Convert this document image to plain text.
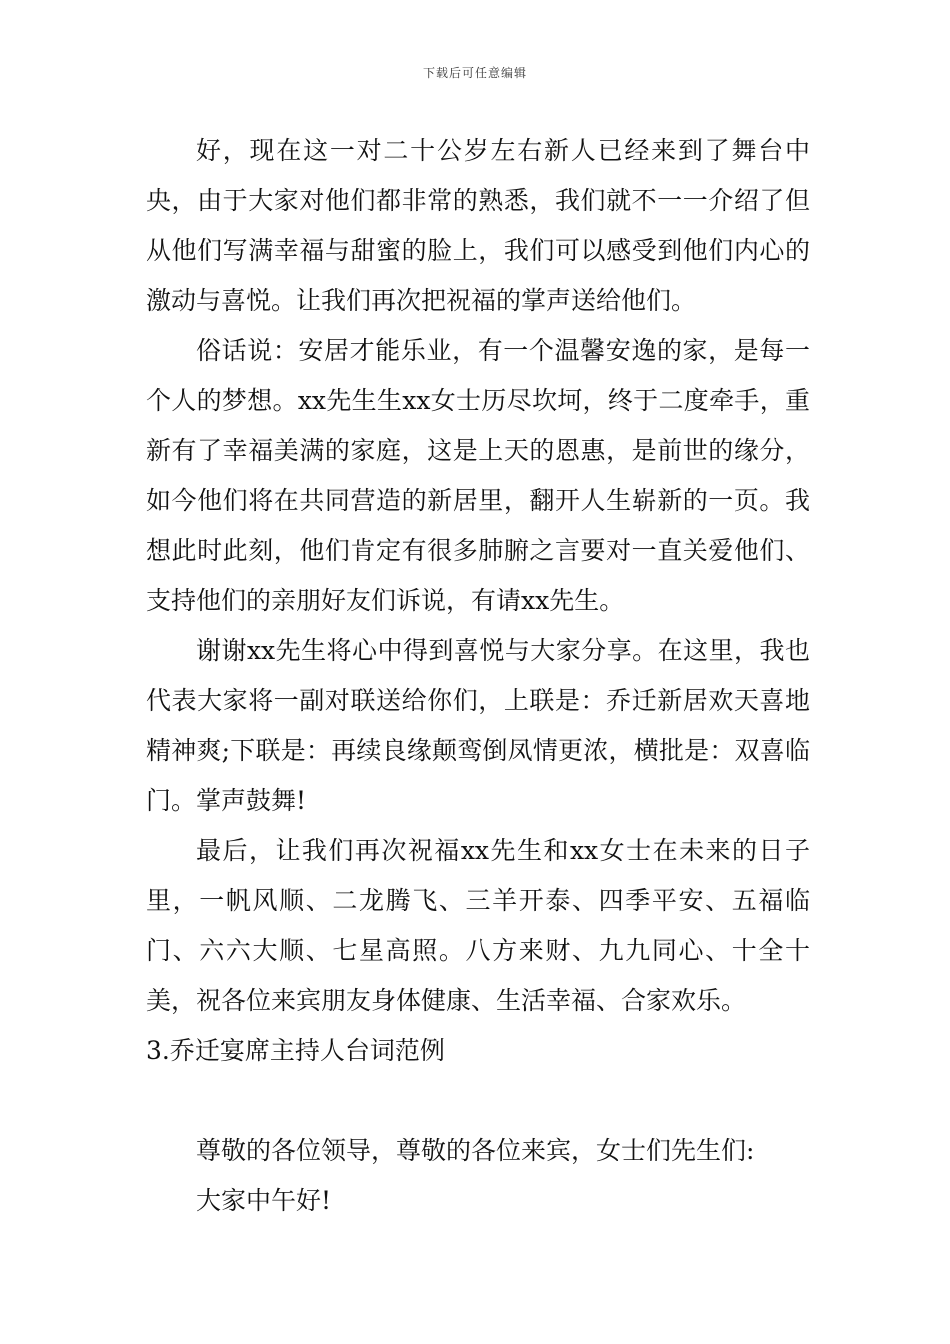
下载后可任意编辑

好，现在这一对二十公岁左右新人已经来到了舞台中央，由于大家对他们都非常的熟悉，我们就不一一介绍了但从他们写满幸福与甜蜜的脸上，我们可以感受到他们内心的激动与喜悦。让我们再次把祝福的掌声送给他们。

俗话说：安居才能乐业，有一个温馨安逸的家，是每一个人的梦想。xx先生生xx女士历尽坎坷，终于二度牵手，重新有了幸福美满的家庭，这是上天的恩惠，是前世的缘分，如今他们将在共同营造的新居里，翻开人生崭新的一页。我想此时此刻，他们肯定有很多肺腑之言要对一直关爱他们、支持他们的亲朋好友们诉说，有请xx先生。

谢谢xx先生将心中得到喜悦与大家分享。在这里，我也代表大家将一副对联送给你们，上联是：乔迁新居欢天喜地精神爽;下联是：再续良缘颠鸾倒凤情更浓，横批是：双喜临门。掌声鼓舞!

最后，让我们再次祝福xx先生和xx女士在未来的日子里，一帆风顺、二龙腾飞、三羊开泰、四季平安、五福临门、六六大顺、七星高照。八方来财、九九同心、十全十美，祝各位来宾朋友身体健康、生活幸福、合家欢乐。

3.乔迁宴席主持人台词范例

尊敬的各位领导，尊敬的各位来宾，女士们先生们:

大家中午好!
